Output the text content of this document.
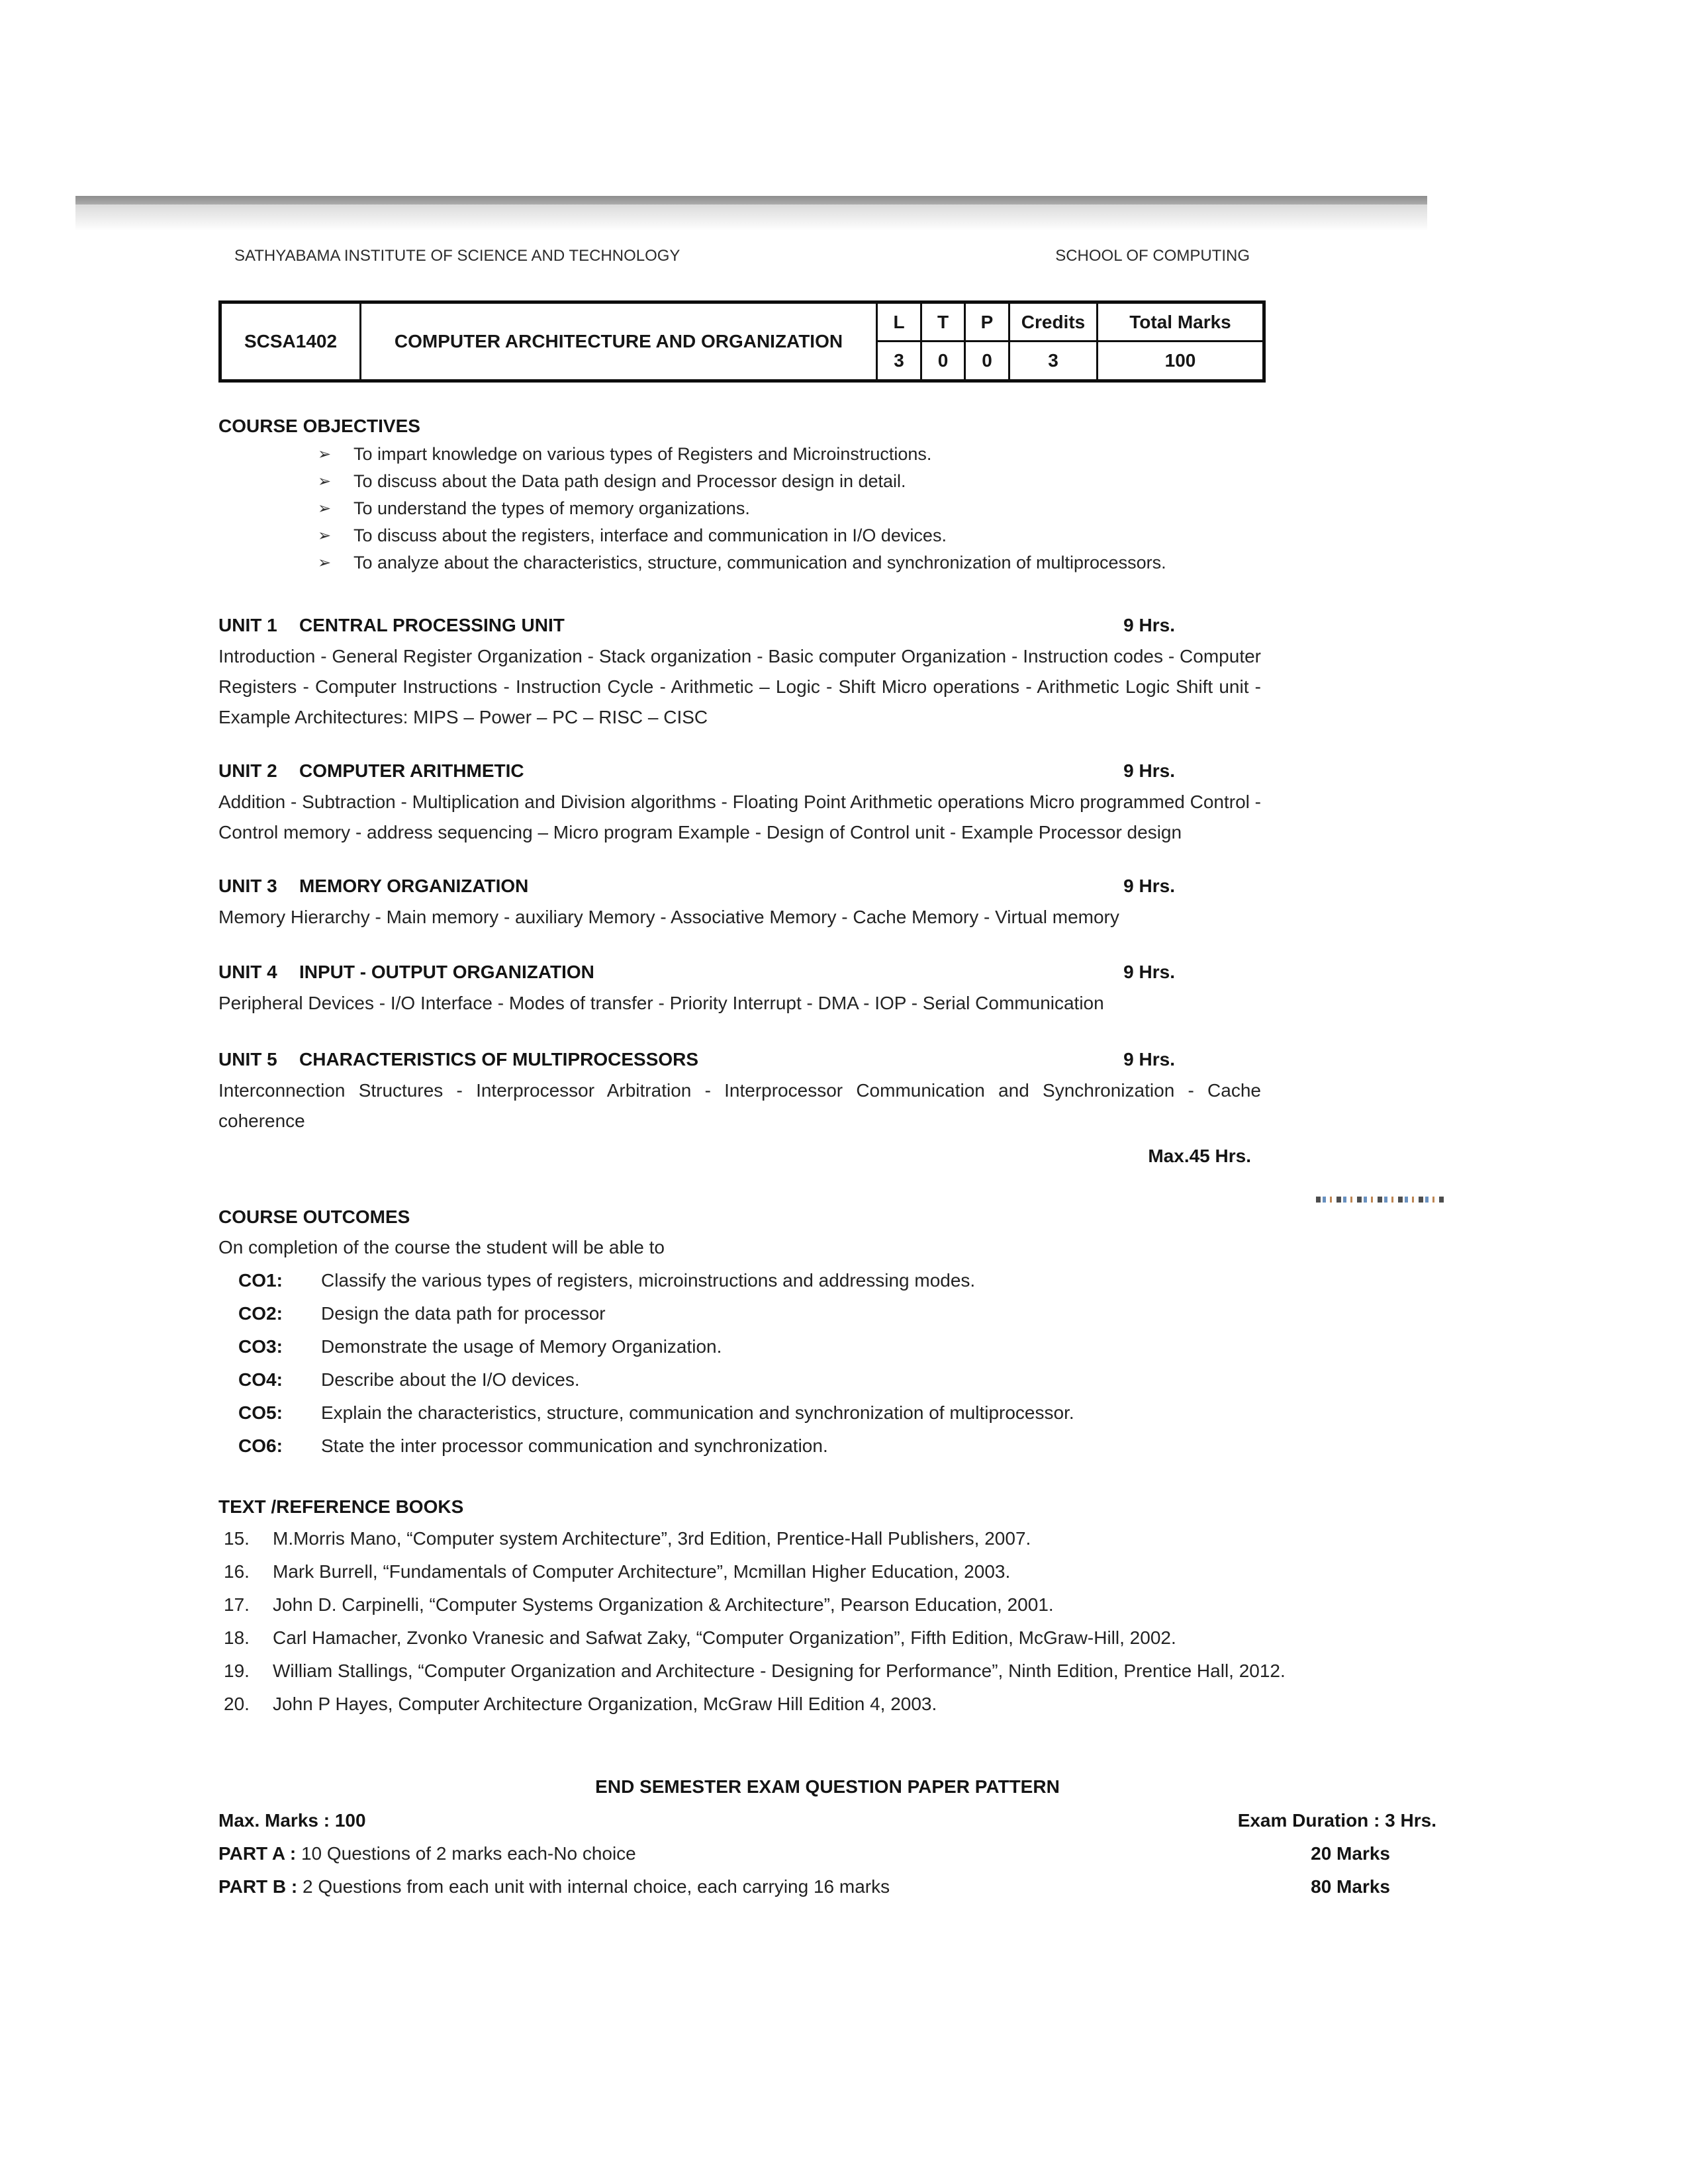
SATHYABAMA INSTITUTE OF SCIENCE AND TECHNOLOGY	SCHOOL OF COMPUTING
SCSA1402	COMPUTER ARCHITECTURE AND ORGANIZATION	L	T	P	Credits	Total Marks
		3	0	0	3	100
COURSE OBJECTIVES
➢	To impart knowledge on various types of Registers and Microinstructions.
➢	To discuss about the Data path design and Processor design in detail.
➢	To understand the types of memory organizations.
➢	To discuss about the registers, interface and communication in I/O devices.
➢	To analyze about the characteristics, structure, communication and synchronization of multiprocessors.
UNIT 1 CENTRAL PROCESSING UNIT	9 Hrs.

Introduction - General Register Organization - Stack organization - Basic computer Organization - Instruction codes - Computer Registers - Computer Instructions - Instruction Cycle - Arithmetic – Logic - Shift Micro operations - Arithmetic Logic Shift unit - Example Architectures: MIPS – Power – PC – RISC – CISC

UNIT 2 COMPUTER ARITHMETIC	9 Hrs.

Addition - Subtraction - Multiplication and Division algorithms - Floating Point Arithmetic operations Micro programmed Control - Control memory - address sequencing – Micro program Example - Design of Control unit - Example Processor design

UNIT 3 MEMORY ORGANIZATION	9 Hrs.

Memory Hierarchy - Main memory - auxiliary Memory - Associative Memory - Cache Memory - Virtual memory

UNIT 4 INPUT - OUTPUT ORGANIZATION	9 Hrs.

Peripheral Devices - I/O Interface - Modes of transfer - Priority Interrupt - DMA - IOP - Serial Communication

UNIT 5 CHARACTERISTICS OF MULTIPROCESSORS	9 Hrs.

Interconnection Structures - Interprocessor Arbitration - Interprocessor Communication and Synchronization - Cache coherence

Max.45 Hrs.
COURSE OUTCOMES
On completion of the course the student will be able to
CO1:	Classify the various types of registers, microinstructions and addressing modes.
CO2:	Design the data path for processor
CO3:	Demonstrate the usage of Memory Organization.
CO4:	Describe about the I/O devices.
CO5:	Explain the characteristics, structure, communication and synchronization of multiprocessor.
CO6:	State the inter processor communication and synchronization.
TEXT /REFERENCE BOOKS
15.	M.Morris Mano, “Computer system Architecture”, 3rd Edition, Prentice-Hall Publishers, 2007.
16.	Mark Burrell, “Fundamentals of Computer Architecture”, Mcmillan Higher Education, 2003.
17.	John D. Carpinelli, “Computer Systems Organization & Architecture”, Pearson Education, 2001.
18.	Carl Hamacher, Zvonko Vranesic and Safwat Zaky, “Computer Organization”, Fifth Edition, McGraw-Hill, 2002.
19.	William Stallings, “Computer Organization and Architecture - Designing for Performance”, Ninth Edition, Prentice Hall, 2012.
20.	John P Hayes, Computer Architecture Organization, McGraw Hill Edition 4, 2003.
END SEMESTER EXAM QUESTION PAPER PATTERN
Max. Marks : 100	Exam Duration : 3 Hrs.
PART A : 10 Questions of 2 marks each-No choice	20 Marks
PART B : 2 Questions from each unit with internal choice, each carrying 16 marks	80 Marks
